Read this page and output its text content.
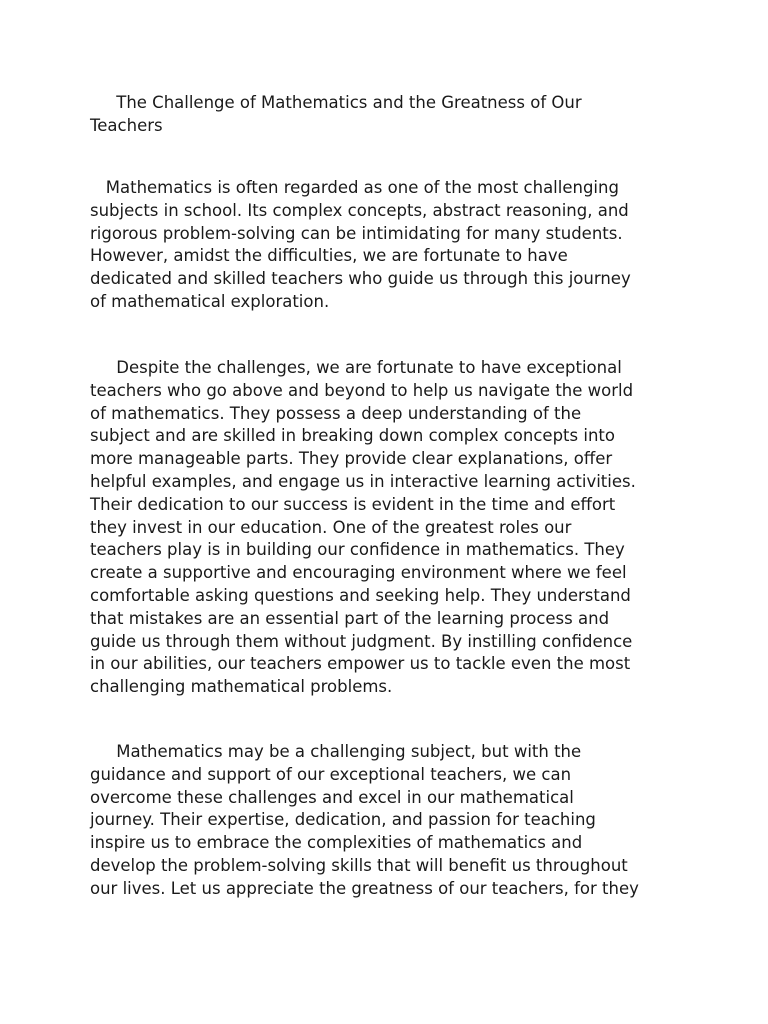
The Challenge of Mathematics and the Greatness of Our
Teachers

Mathematics is often regarded as one of the most challenging
subjects in school. Its complex concepts, abstract reasoning, and
rigorous problem-solving can be intimidating for many students.
However, amidst the difficulties, we are fortunate to have
dedicated and skilled teachers who guide us through this journey
of mathematical exploration.

Despite the challenges, we are fortunate to have exceptional
teachers who go above and beyond to help us navigate the world
of mathematics. They possess a deep understanding of the
subject and are skilled in breaking down complex concepts into
more manageable parts. They provide clear explanations, offer
helpful examples, and engage us in interactive learning activities.
Their dedication to our success is evident in the time and effort
they invest in our education. One of the greatest roles our
teachers play is in building our confidence in mathematics. They
create a supportive and encouraging environment where we feel
comfortable asking questions and seeking help. They understand
that mistakes are an essential part of the learning process and
guide us through them without judgment. By instilling confidence
in our abilities, our teachers empower us to tackle even the most
challenging mathematical problems.

Mathematics may be a challenging subject, but with the
guidance and support of our exceptional teachers, we can
overcome these challenges and excel in our mathematical
journey. Their expertise, dedication, and passion for teaching
inspire us to embrace the complexities of mathematics and
develop the problem-solving skills that will benefit us throughout
our lives. Let us appreciate the greatness of our teachers, for they
